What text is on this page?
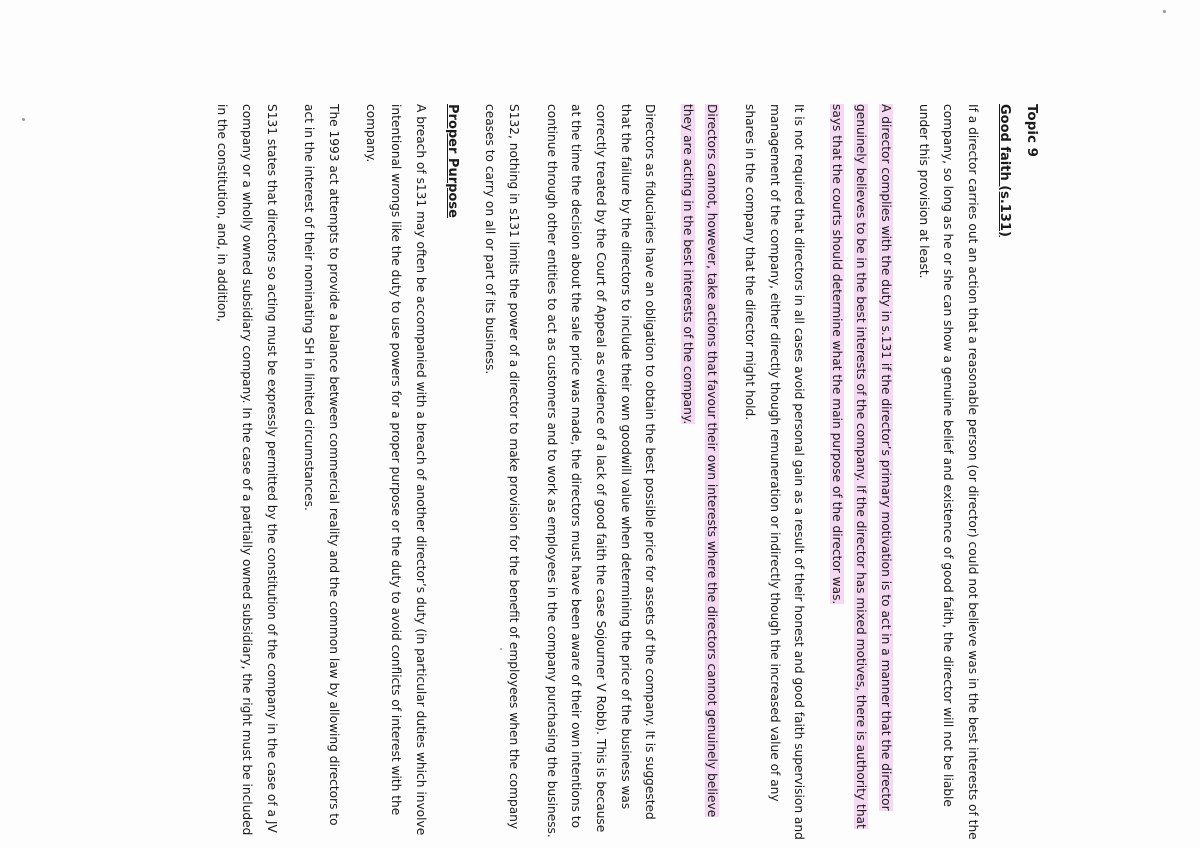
Topic 9
Good faith (s.131)

If a director carries out an action that a reasonable person (or director) could not believe was in the best interests of the company, so long as he or she can show a genuine belief and existence of good faith, the director will not be liable under this provision at least.

A director complies with the duty in s.131 if the director’s primary motivation is to act in a manner that the director genuinely believes to be in the best interests of the company. If the director has mixed motives, there is authority that says that the courts should determine what the main purpose of the director was.

It is not required that directors in all cases avoid personal gain as a result of their honest and good faith supervision and management of the company, either directly though remuneration or indirectly though the increased value of any shares in the company that the director might hold.

Directors cannot, however, take actions that favour their own interests where the directors cannot genuinely believe they are acting in the best interests of the company.

Directors as fiduciaries have an obligation to obtain the best possible price for assets of the company. It is suggested that the failure by the directors to include their own goodwill value when determining the price of the business was correctly treated by the Court of Appeal as evidence of a lack of good faith the case Sojourner V Robb). This is because at the time the decision about the sale price was made, the directors must have been aware of their own intentions to continue through other entities to act as customers and to work as employees in the company purchasing the business.

S132, nothing in s131 limits the power of a director to make provision for the benefit of employees when the company ceases to carry on all or part of its business.

Proper Purpose

A breach of s131 may often be accompanied with a breach of another director’s duty (in particular duties which involve intentional wrongs like the duty to use powers for a proper purpose or the duty to avoid conflicts of interest with the company.

The 1993 act attempts to provide a balance between commercial reality and the common law by allowing directors to act in the interest of their nominating SH in limited circumstances.

S131 states that directors so acting must be expressly permitted by the constitution of the company in the case of a JV company or a wholly owned subsidiary company. In the case of a partially owned subsidiary, the right must be included in the constitution, and, in addition,
